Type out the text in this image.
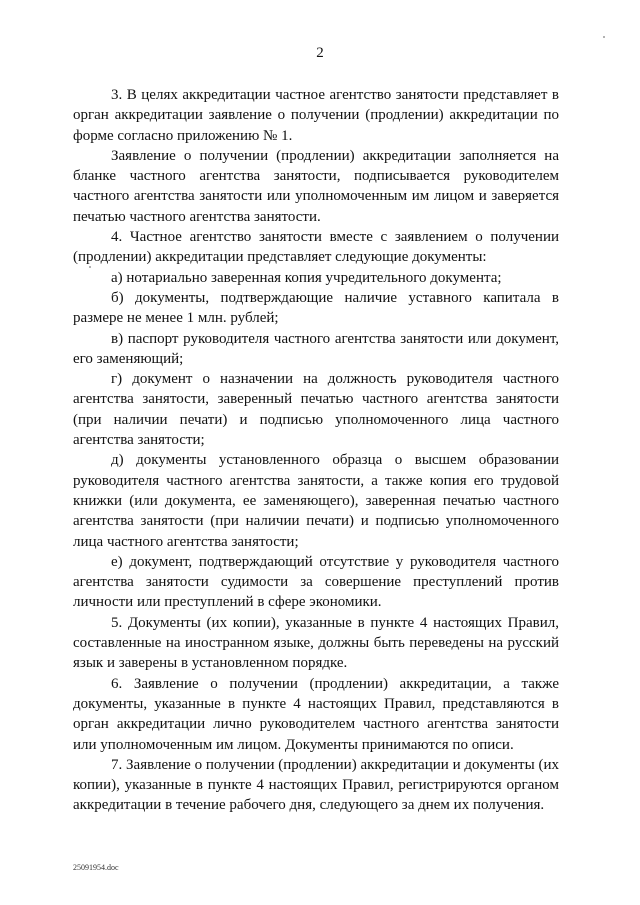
2

3. В целях аккредитации частное агентство занятости представляет в орган аккредитации заявление о получении (продлении) аккредитации по форме согласно приложению № 1.

Заявление о получении (продлении) аккредитации заполняется на бланке частного агентства занятости, подписывается руководителем частного агентства занятости или уполномоченным им лицом и заверяется печатью частного агентства занятости.

4. Частное агентство занятости вместе с заявлением о получении (продлении) аккредитации представляет следующие документы:

а) нотариально заверенная копия учредительного документа;

б) документы, подтверждающие наличие уставного капитала в размере не менее 1 млн. рублей;

в) паспорт руководителя частного агентства занятости или документ, его заменяющий;

г) документ о назначении на должность руководителя частного агентства занятости, заверенный печатью частного агентства занятости (при наличии печати) и подписью уполномоченного лица частного агентства занятости;

д) документы установленного образца о высшем образовании руководителя частного агентства занятости, а также копия его трудовой книжки (или документа, ее заменяющего), заверенная печатью частного агентства занятости (при наличии печати) и подписью уполномоченного лица частного агентства занятости;

е) документ, подтверждающий отсутствие у руководителя частного агентства занятости судимости за совершение преступлений против личности или преступлений в сфере экономики.

5. Документы (их копии), указанные в пункте 4 настоящих Правил, составленные на иностранном языке, должны быть переведены на русский язык и заверены в установленном порядке.

6. Заявление о получении (продлении) аккредитации, а также документы, указанные в пункте 4 настоящих Правил, представляются в орган аккредитации лично руководителем частного агентства занятости или уполномоченным им лицом. Документы принимаются по описи.

7. Заявление о получении (продлении) аккредитации и документы (их копии), указанные в пункте 4 настоящих Правил, регистрируются органом аккредитации в течение рабочего дня, следующего за днем их получения.

25091954.doc
